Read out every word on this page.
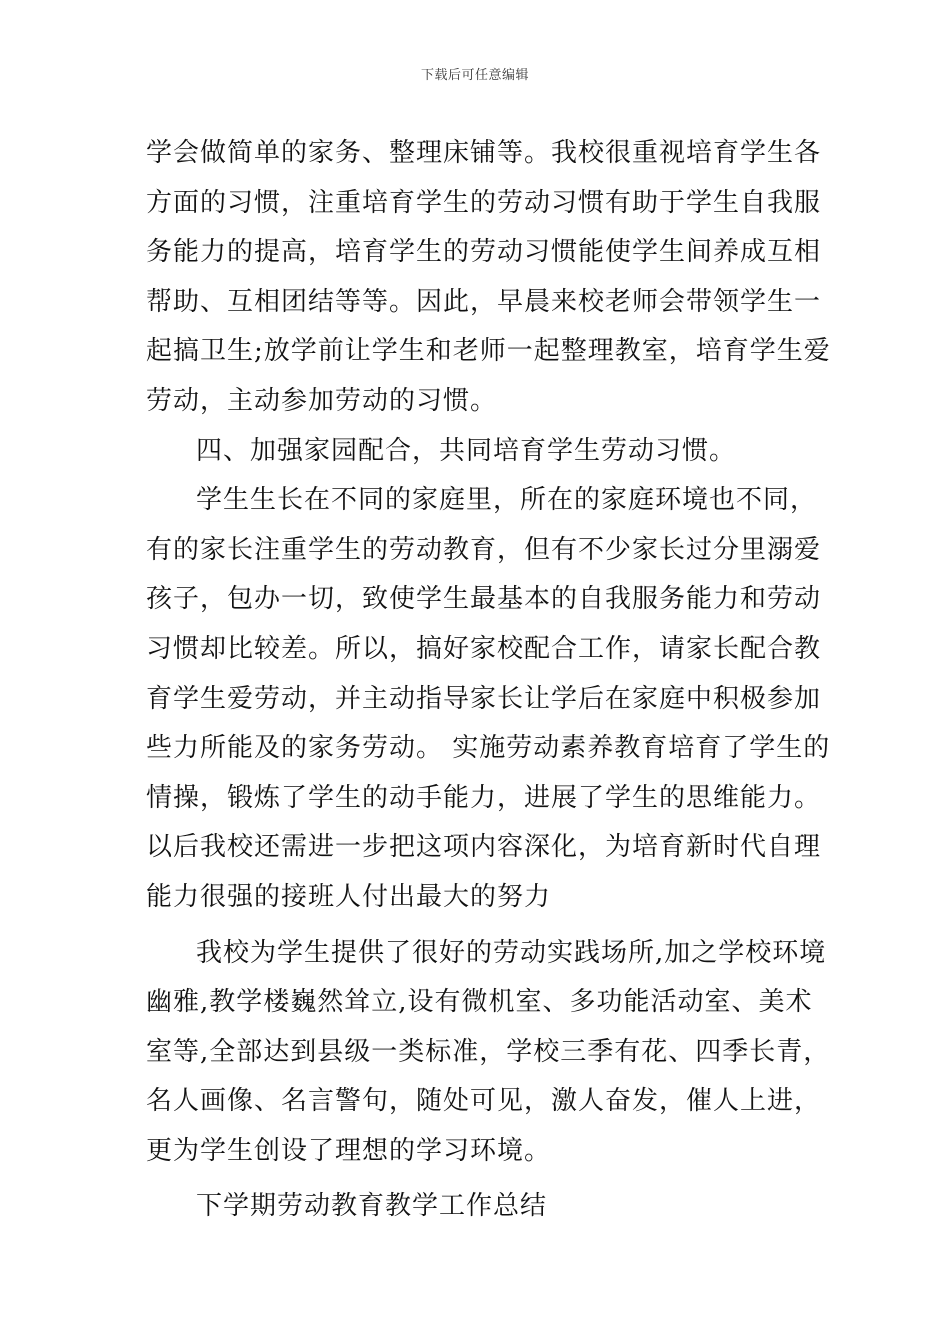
下载后可任意编辑
学会做简单的家务、整理床铺等。我校很重视培育学生各
方面的习惯，注重培育学生的劳动习惯有助于学生自我服
务能力的提高，培育学生的劳动习惯能使学生间养成互相
帮助、互相团结等等。因此，早晨来校老师会带领学生一
起搞卫生;放学前让学生和老师一起整理教室，培育学生爱
劳动，主动参加劳动的习惯。
四、加强家园配合，共同培育学生劳动习惯。
学生生长在不同的家庭里，所在的家庭环境也不同，
有的家长注重学生的劳动教育，但有不少家长过分里溺爱
孩子，包办一切，致使学生最基本的自我服务能力和劳动
习惯却比较差。所以，搞好家校配合工作，请家长配合教
育学生爱劳动，并主动指导家长让学后在家庭中积极参加
些力所能及的家务劳动。 实施劳动素养教育培育了学生的
情操，锻炼了学生的动手能力，进展了学生的思维能力。
以后我校还需进一步把这项内容深化，为培育新时代自理
能力很强的接班人付出最大的努力
我校为学生提供了很好的劳动实践场所,加之学校环境
幽雅,教学楼巍然耸立,设有微机室、多功能活动室、美术
室等,全部达到县级一类标准，学校三季有花、四季长青，
名人画像、名言警句，随处可见，激人奋发，催人上进，
更为学生创设了理想的学习环境。
下学期劳动教育教学工作总结
